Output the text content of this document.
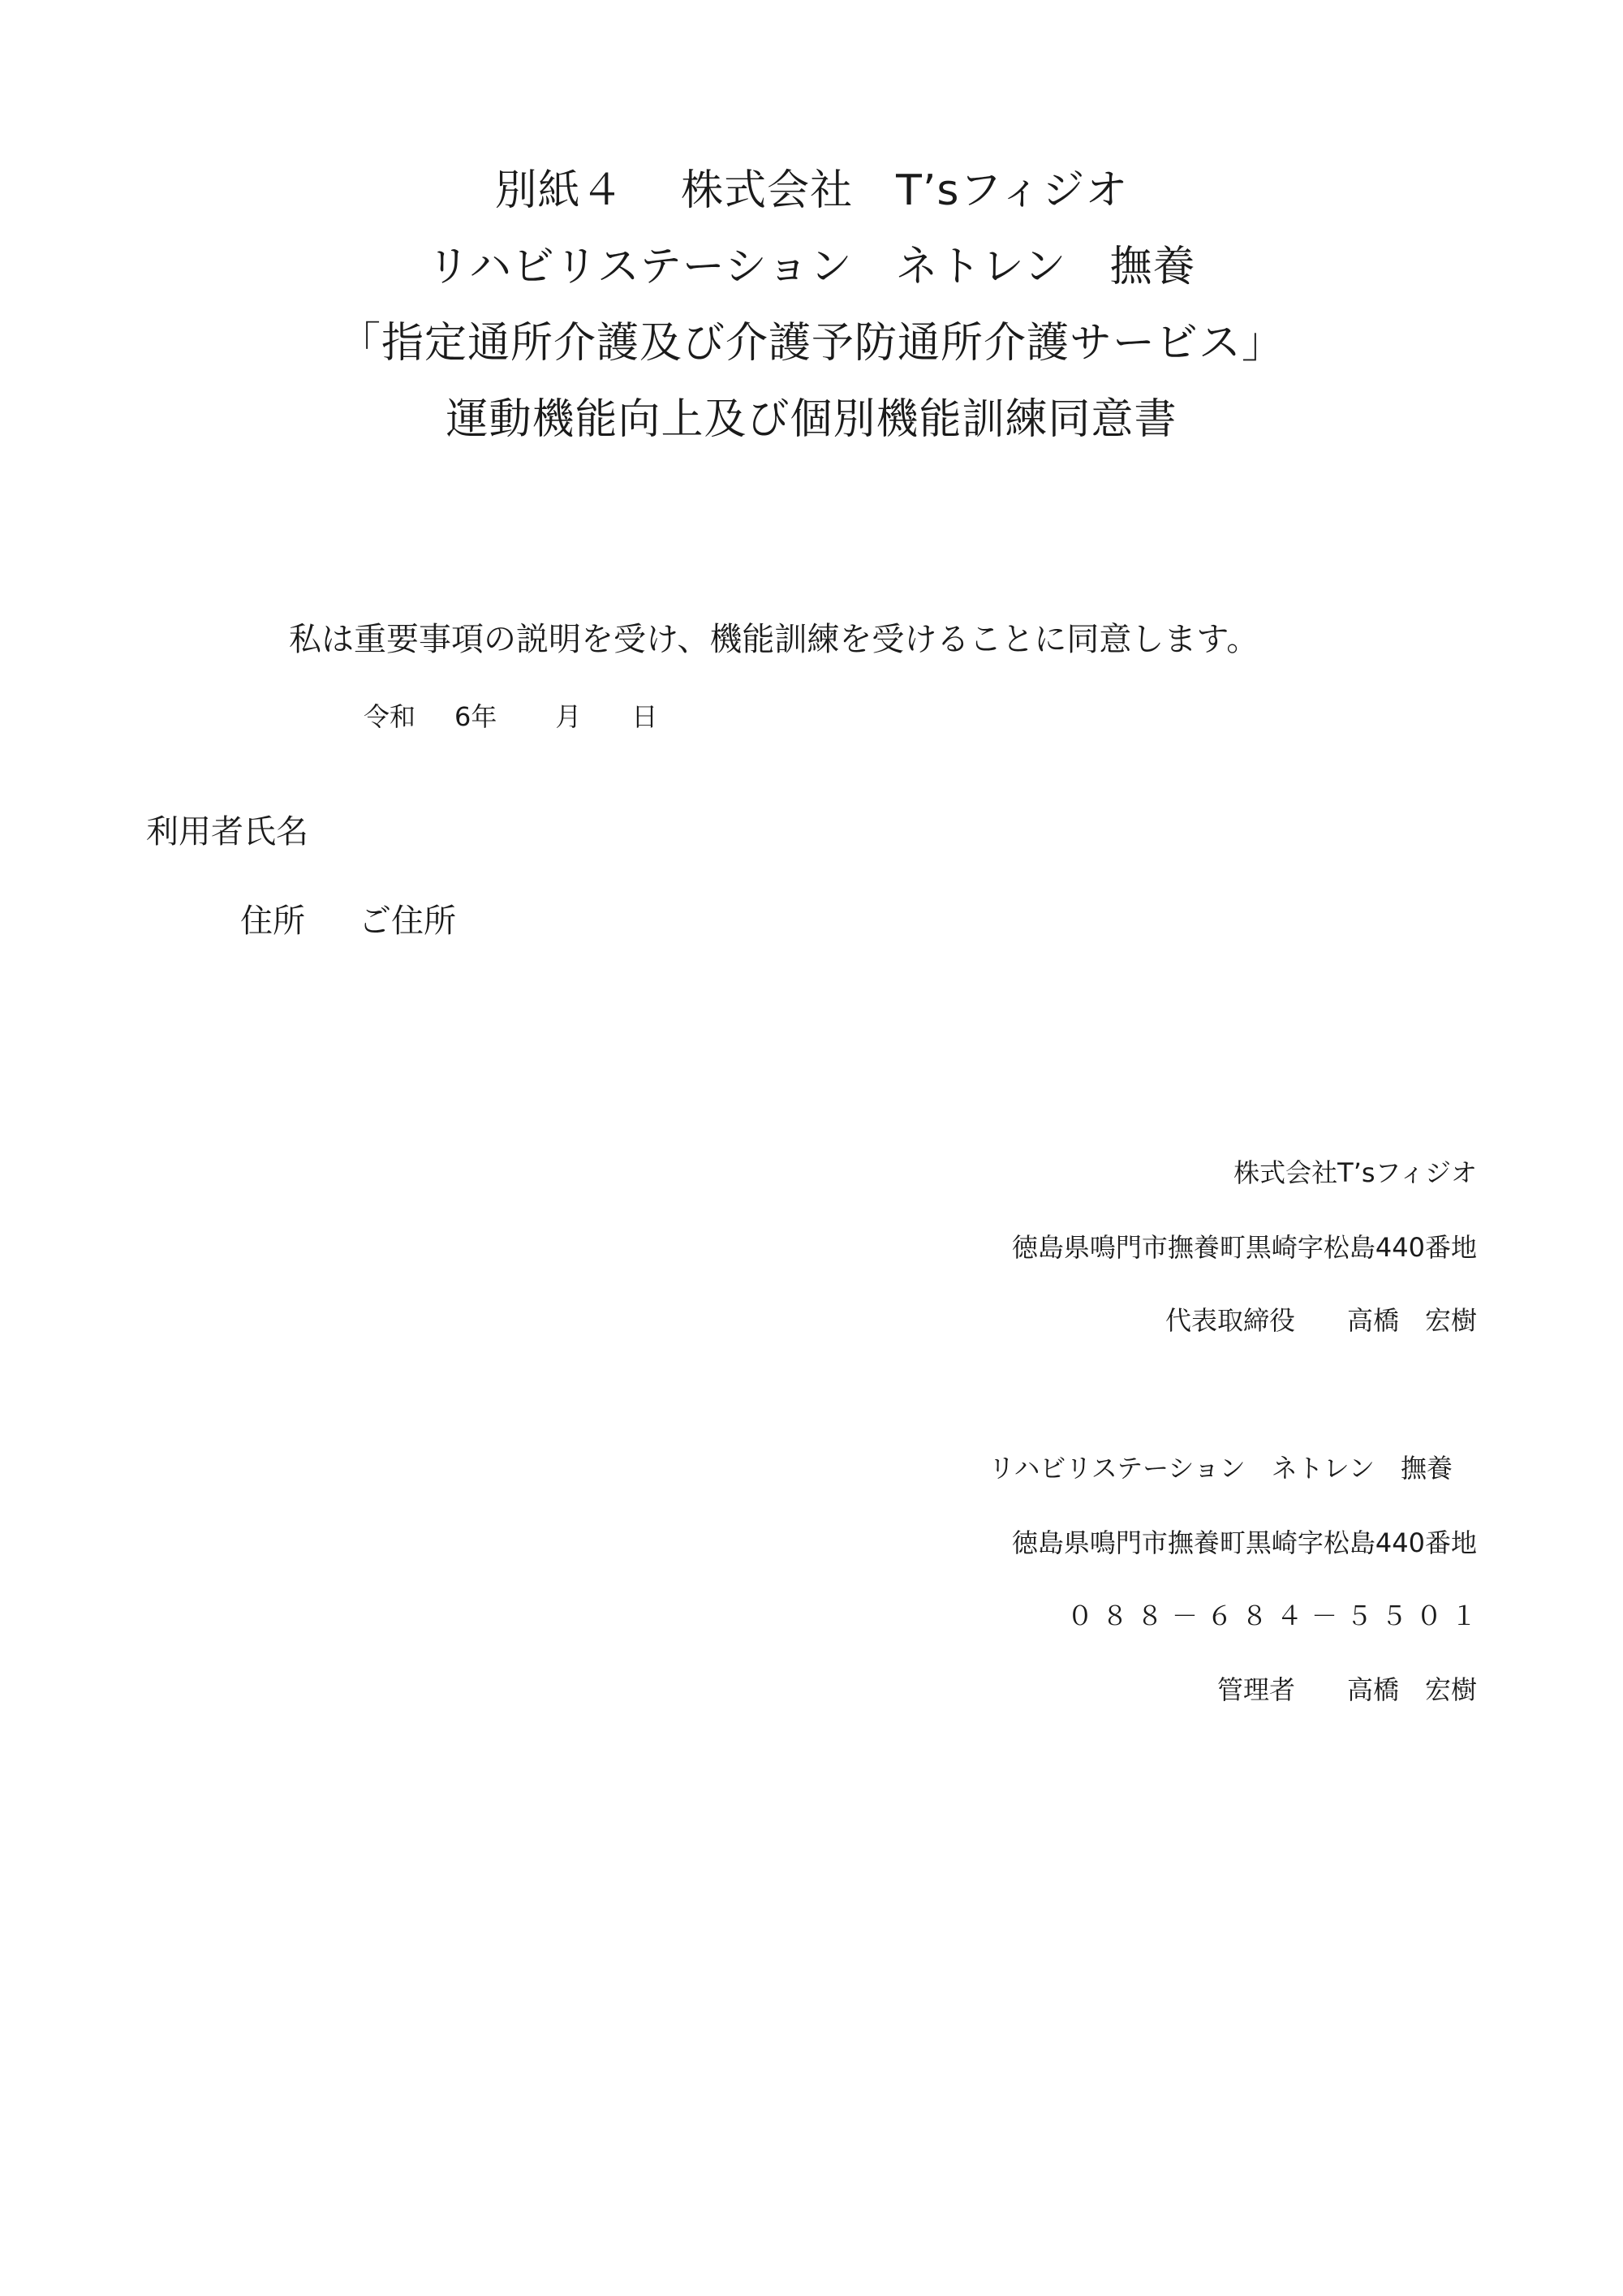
別紙４　 株式会社　T’sフィジオ
リハビリステーション　ネトレン　撫養
「指定通所介護及び介護予防通所介護サービス」
運動機能向上及び個別機能訓練同意書
私は重要事項の説明を受け、機能訓練を受けることに同意します。
令和 6年 月 日
利用者氏名
住所 ご住所
株式会社T’sフィジオ
徳島県鳴門市撫養町黒崎字松島440番地
代表取締役 高橋　宏樹
リハビリステーション　ネトレン　撫養
徳島県鳴門市撫養町黒崎字松島440番地
０８８－６８４－５５０１
管理者 高橋　宏樹
